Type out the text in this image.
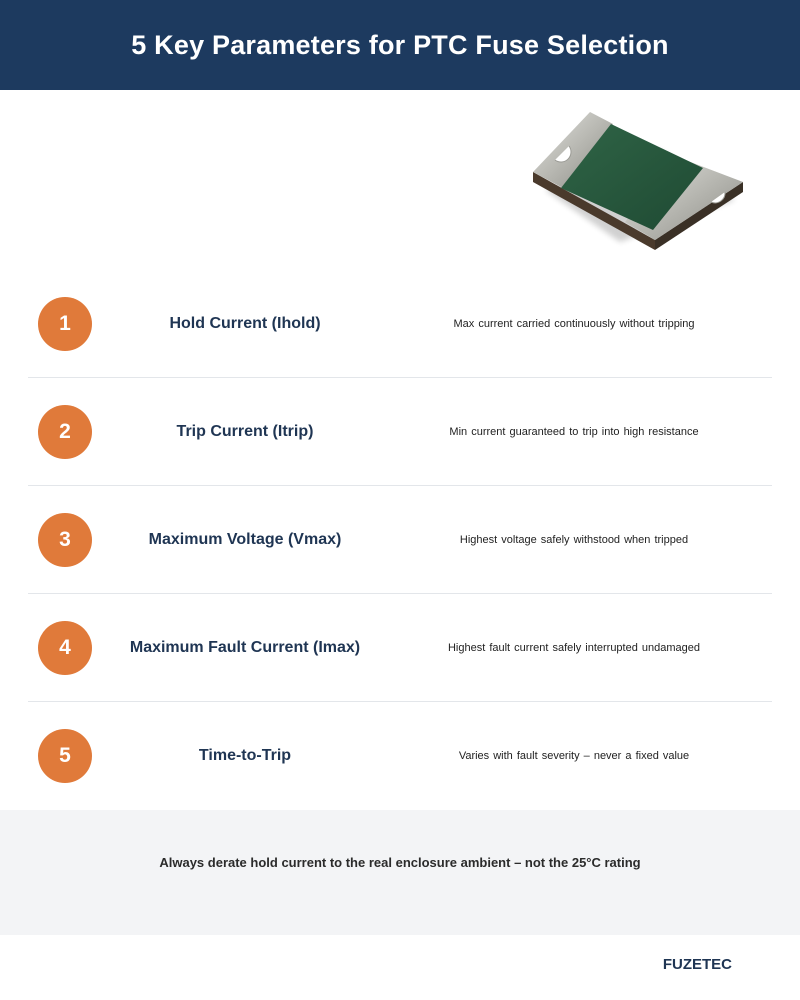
5 Key Parameters for PTC Fuse Selection
1	Hold Current (Ihold)	Max current carried continuously without tripping
2	Trip Current (Itrip)	Min current guaranteed to trip into high resistance
3	Maximum Voltage (Vmax)	Highest voltage safely withstood when tripped
4	Maximum Fault Current (Imax)	Highest fault current safely interrupted undamaged
5	Time-to-Trip	Varies with fault severity – never a fixed value
Always derate hold current to the real enclosure ambient – not the 25°C rating
FUZETEC
